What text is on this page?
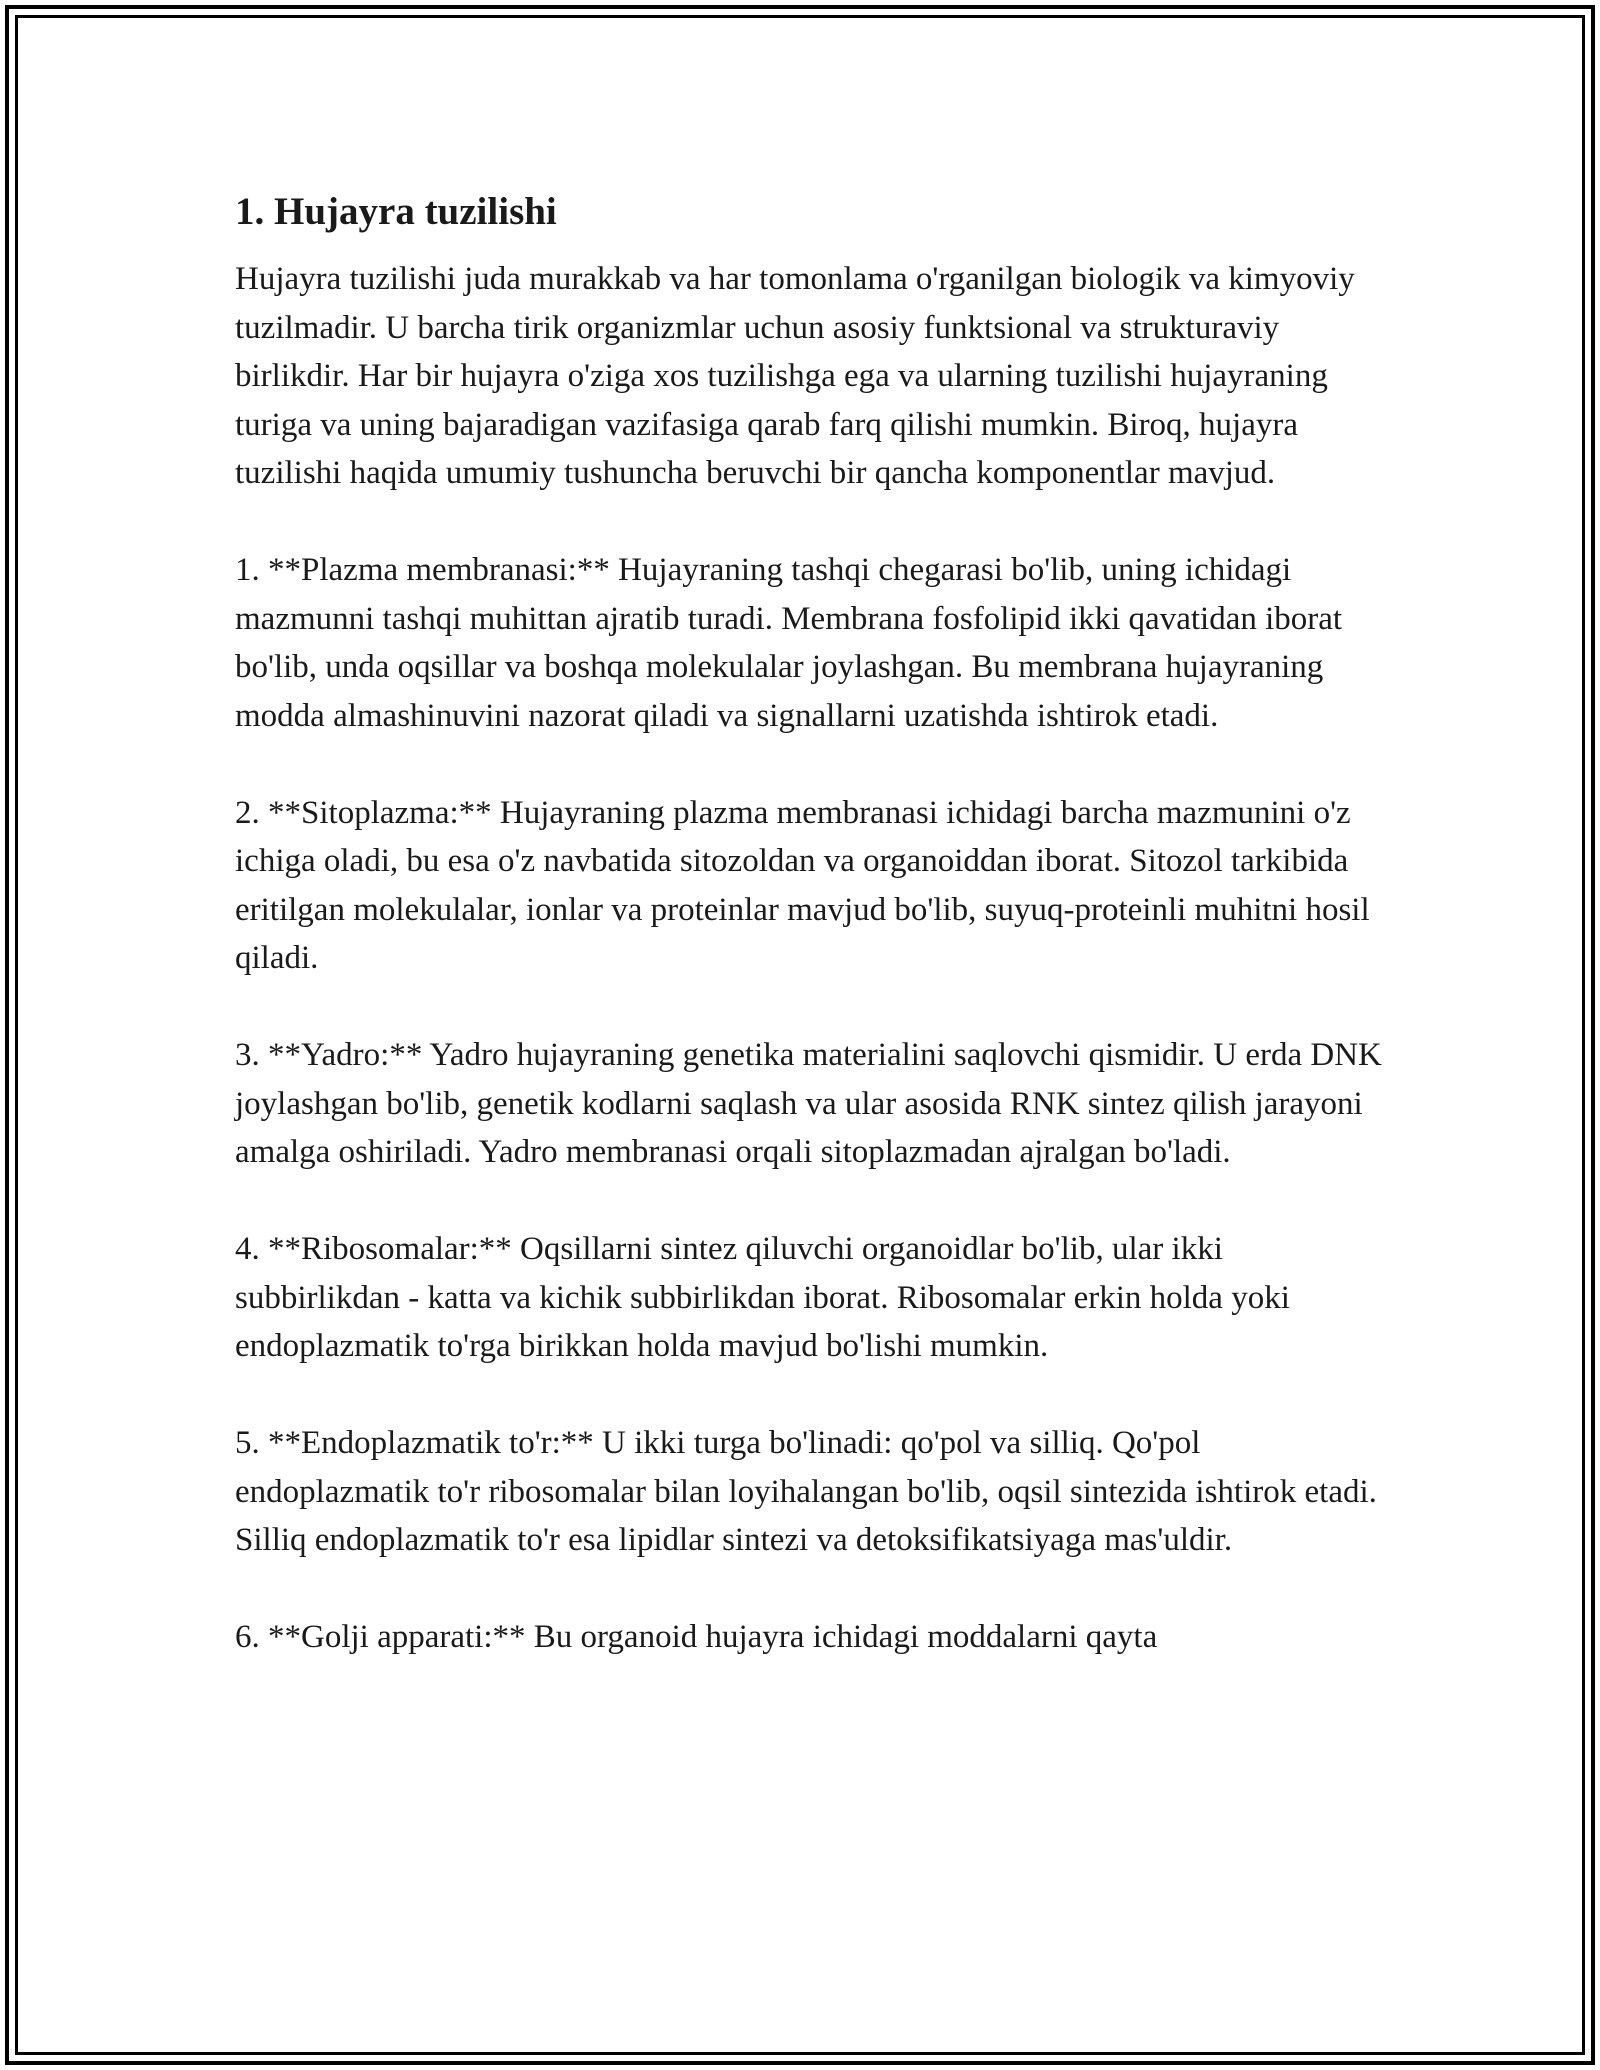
1. Hujayra tuzilishi

Hujayra tuzilishi juda murakkab va har tomonlama o'rganilgan biologik va kimyoviy tuzilmadir. U barcha tirik organizmlar uchun asosiy funktsional va strukturaviy birlikdir. Har bir hujayra o'ziga xos tuzilishga ega va ularning tuzilishi hujayraning turiga va uning bajaradigan vazifasiga qarab farq qilishi mumkin. Biroq, hujayra tuzilishi haqida umumiy tushuncha beruvchi bir qancha komponentlar mavjud.

1. **Plazma membranasi:** Hujayraning tashqi chegarasi bo'lib, uning ichidagi mazmunni tashqi muhittan ajratib turadi. Membrana fosfolipid ikki qavatidan iborat bo'lib, unda oqsillar va boshqa molekulalar joylashgan. Bu membrana hujayraning modda almashinuvini nazorat qiladi va signallarni uzatishda ishtirok etadi.

2. **Sitoplazma:** Hujayraning plazma membranasi ichidagi barcha mazmunini o'z ichiga oladi, bu esa o'z navbatida sitozoldan va organoiddan iborat. Sitozol tarkibida eritilgan molekulalar, ionlar va proteinlar mavjud bo'lib, suyuq-proteinli muhitni hosil qiladi.

3. **Yadro:** Yadro hujayraning genetika materialini saqlovchi qismidir. U erda DNK joylashgan bo'lib, genetik kodlarni saqlash va ular asosida RNK sintez qilish jarayoni amalga oshiriladi. Yadro membranasi orqali sitoplazmadan ajralgan bo'ladi.

4. **Ribosomalar:** Oqsillarni sintez qiluvchi organoidlar bo'lib, ular ikki subbirlikdan - katta va kichik subbirlikdan iborat. Ribosomalar erkin holda yoki endoplazmatik to'rga birikkan holda mavjud bo'lishi mumkin.

5. **Endoplazmatik to'r:** U ikki turga bo'linadi: qo'pol va silliq. Qo'pol endoplazmatik to'r ribosomalar bilan loyihalangan bo'lib, oqsil sintezida ishtirok etadi. Silliq endoplazmatik to'r esa lipidlar sintezi va detoksifikatsiyaga mas'uldir.

6. **Golji apparati:** Bu organoid hujayra ichidagi moddalarni qayta
